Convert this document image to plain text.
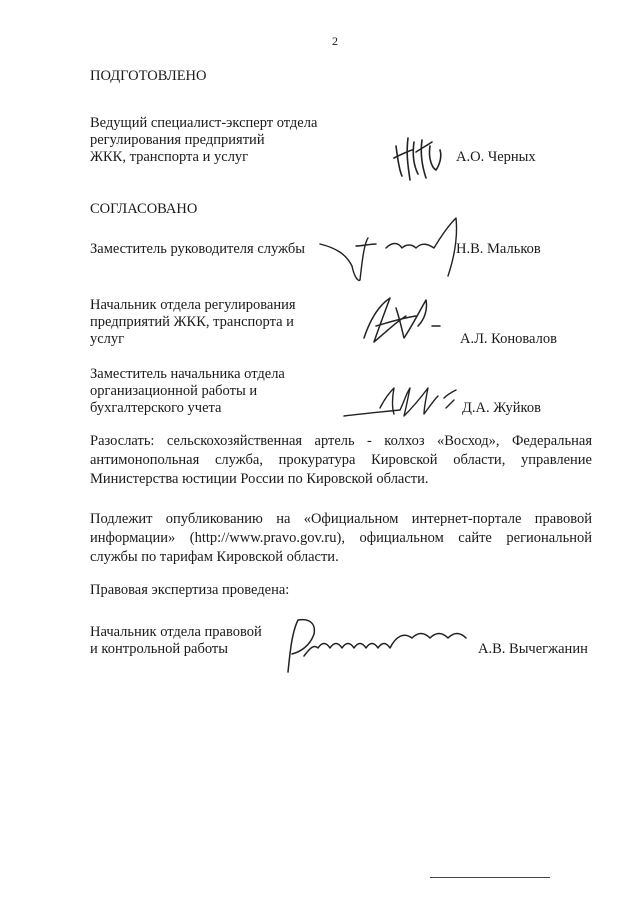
2
ПОДГОТОВЛЕНО
Ведущий специалист-эксперт отдела
регулирования предприятий
ЖКК, транспорта и услуг	А.О. Черных
СОГЛАСОВАНО
Заместитель руководителя службы	Н.В. Мальков
Начальник отдела регулирования
предприятий ЖКК, транспорта и
услуг	А.Л. Коновалов
Заместитель начальника отдела
организационной работы и
бухгалтерского учета	Д.А. Жуйков
Разослать: сельскохозяйственная артель - колхоз «Восход», Федеральная антимонопольная служба, прокуратура Кировской области, управление Министерства юстиции России по Кировской области.
Подлежит опубликованию на «Официальном интернет-портале правовой информации» (http://www.pravo.gov.ru), официальном сайте региональной службы по тарифам Кировской области.
Правовая экспертиза проведена:
Начальник отдела правовой
и контрольной работы	А.В. Вычегжанин
